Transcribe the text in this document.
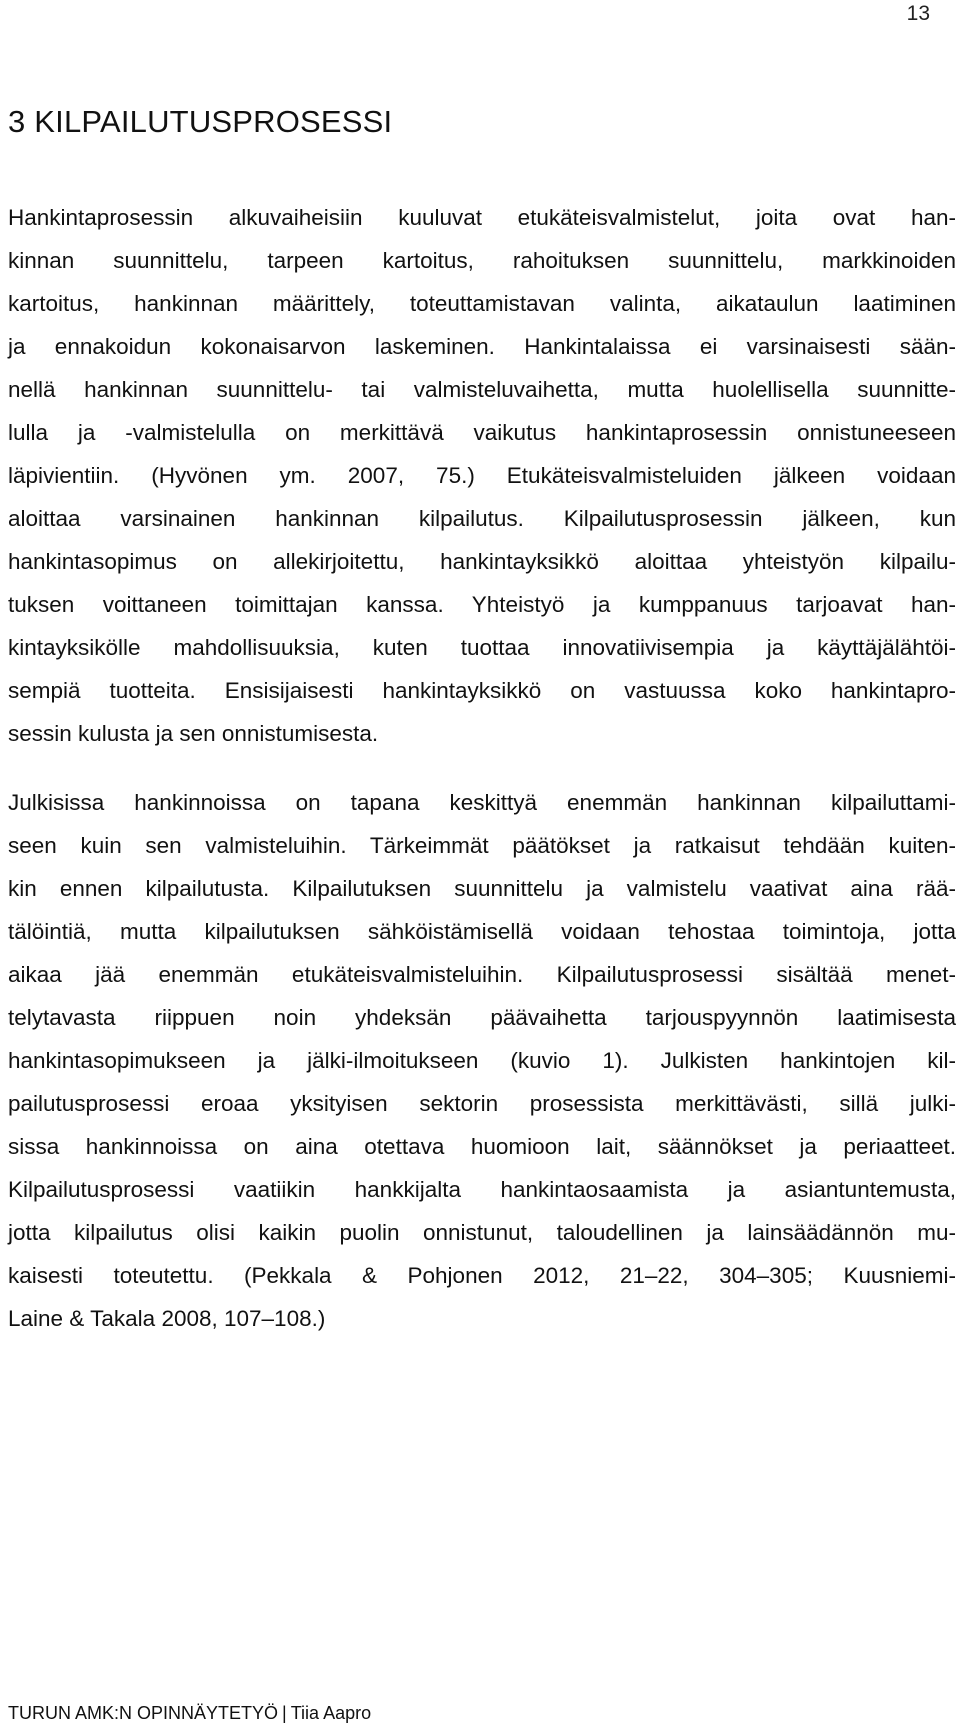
13
3 KILPAILUTUSPROSESSI

Hankintaprosessin alkuvaiheisiin kuuluvat etukäteisvalmistelut, joita ovat han-

kinnan suunnittelu, tarpeen kartoitus, rahoituksen suunnittelu, markkinoiden

kartoitus, hankinnan määrittely, toteuttamistavan valinta, aikataulun laatiminen

ja ennakoidun kokonaisarvon laskeminen. Hankintalaissa ei varsinaisesti sään-

nellä hankinnan suunnittelu- tai valmisteluvaihetta, mutta huolellisella suunnitte-

lulla ja -valmistelulla on merkittävä vaikutus hankintaprosessin onnistuneeseen

läpivientiin. (Hyvönen ym. 2007, 75.) Etukäteisvalmisteluiden jälkeen voidaan

aloittaa varsinainen hankinnan kilpailutus. Kilpailutusprosessin jälkeen, kun

hankintasopimus on allekirjoitettu, hankintayksikkö aloittaa yhteistyön kilpailu-

tuksen voittaneen toimittajan kanssa. Yhteistyö ja kumppanuus tarjoavat han-

kintayksikölle mahdollisuuksia, kuten tuottaa innovatiivisempia ja käyttäjälähtöi-

sempiä tuotteita. Ensisijaisesti hankintayksikkö on vastuussa koko hankintapro-

sessin kulusta ja sen onnistumisesta.

Julkisissa hankinnoissa on tapana keskittyä enemmän hankinnan kilpailuttami-

seen kuin sen valmisteluihin. Tärkeimmät päätökset ja ratkaisut tehdään kuiten-

kin ennen kilpailutusta. Kilpailutuksen suunnittelu ja valmistelu vaativat aina rää-

tälöintiä, mutta kilpailutuksen sähköistämisellä voidaan tehostaa toimintoja, jotta

aikaa jää enemmän etukäteisvalmisteluihin. Kilpailutusprosessi sisältää menet-

telytavasta riippuen noin yhdeksän päävaihetta tarjouspyynnön laatimisesta

hankintasopimukseen ja jälki-ilmoitukseen (kuvio 1). Julkisten hankintojen kil-

pailutusprosessi eroaa yksityisen sektorin prosessista merkittävästi, sillä julki-

sissa hankinnoissa on aina otettava huomioon lait, säännökset ja periaatteet.

Kilpailutusprosessi vaatiikin hankkijalta hankintaosaamista ja asiantuntemusta,

jotta kilpailutus olisi kaikin puolin onnistunut, taloudellinen ja lainsäädännön mu-

kaisesti toteutettu. (Pekkala & Pohjonen 2012, 21–22, 304–305; Kuusniemi-

Laine & Takala 2008, 107–108.)

TURUN AMK:N OPINNÄYTETYÖ | Tiia Aapro
